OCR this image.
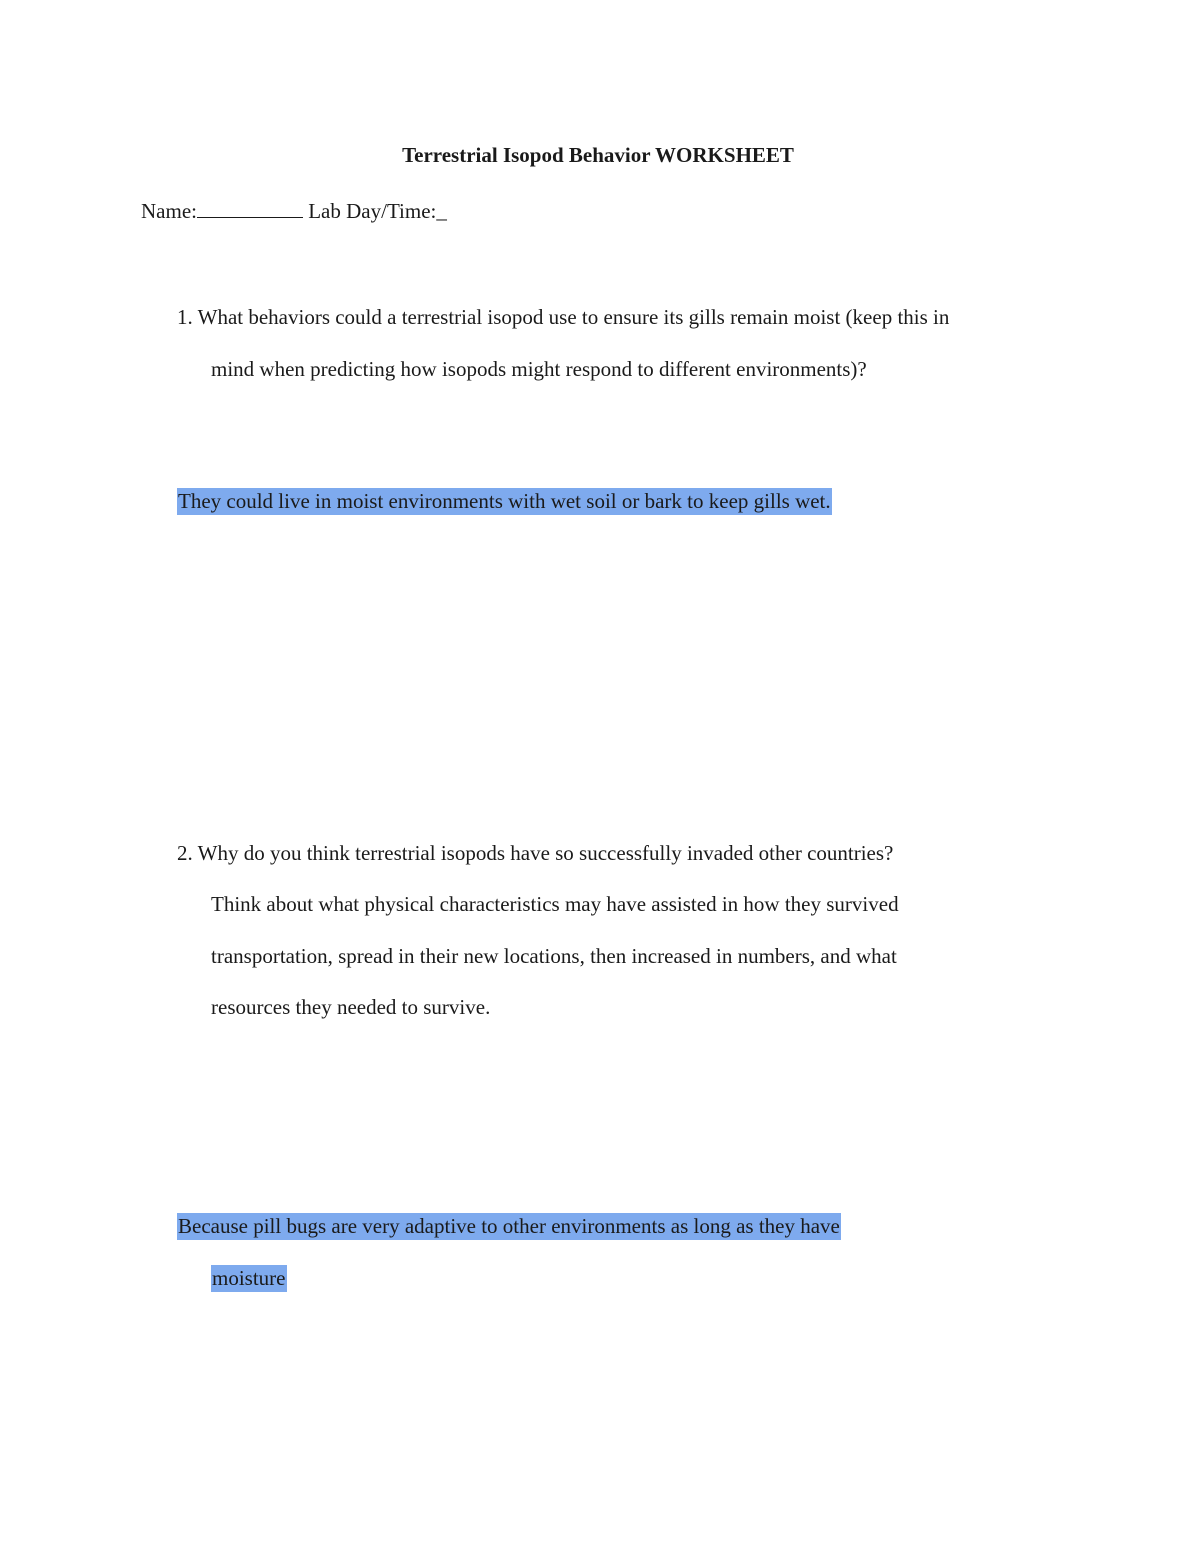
Terrestrial Isopod Behavior WORKSHEET
Name:	Lab Day/Time:_
1. What behaviors could a terrestrial isopod use to ensure its gills remain moist (keep this in
mind when predicting how isopods might respond to different environments)?
They could live in moist environments with wet soil or bark to keep gills wet.
2. Why do you think terrestrial isopods have so successfully invaded other countries?
Think about what physical characteristics may have assisted in how they survived
transportation, spread in their new locations, then increased in numbers, and what
resources they needed to survive.
Because pill bugs are very adaptive to other environments as long as they have
moisture
